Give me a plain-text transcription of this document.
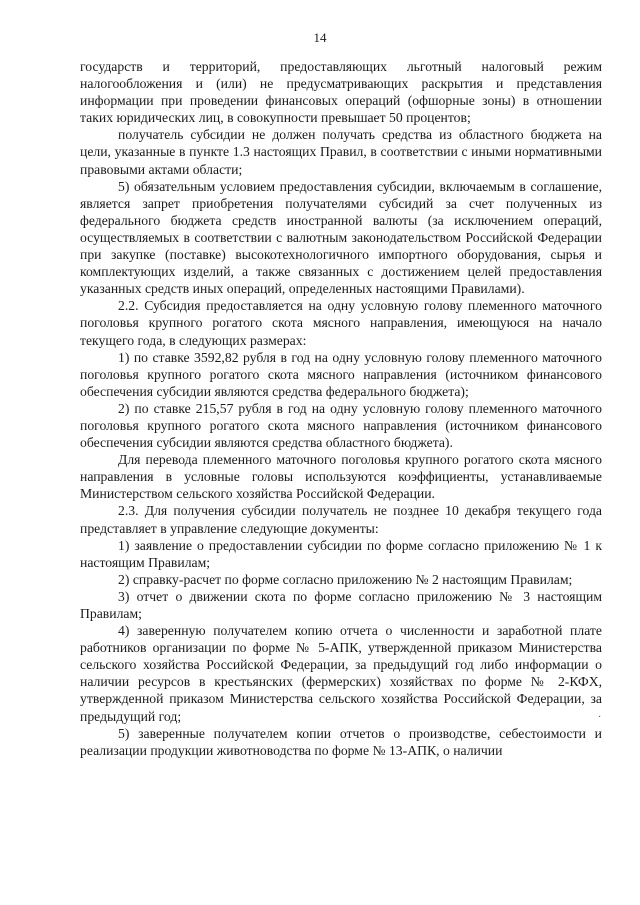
14

государств и территорий, предоставляющих льготный налоговый режим налогообложения и (или) не предусматривающих раскрытия и представления информации при проведении финансовых операций (офшорные зоны) в отношении таких юридических лиц, в совокупности превышает 50 процентов;

получатель субсидии не должен получать средства из областного бюджета на цели, указанные в пункте 1.3 настоящих Правил, в соответствии с иными нормативными правовыми актами области;

5) обязательным условием предоставления субсидии, включаемым в соглашение, является запрет приобретения получателями субсидий за счет полученных из федерального бюджета средств иностранной валюты (за исключением операций, осуществляемых в соответствии с валютным законодательством Российской Федерации при закупке (поставке) высокотехнологичного импортного оборудования, сырья и комплектующих изделий, а также связанных с достижением целей предоставления указанных средств иных операций, определенных настоящими Правилами).

2.2. Субсидия предоставляется на одну условную голову племенного маточного поголовья крупного рогатого скота мясного направления, имеющуюся на начало текущего года, в следующих размерах:

1) по ставке 3592,82 рубля в год на одну условную голову племенного маточного поголовья крупного рогатого скота мясного направления (источником финансового обеспечения субсидии являются средства федерального бюджета);

2) по ставке 215,57 рубля в год на одну условную голову племенного маточного поголовья крупного рогатого скота мясного направления (источником финансового обеспечения субсидии являются средства областного бюджета).

Для перевода племенного маточного поголовья крупного рогатого скота мясного направления в условные головы используются коэффициенты, устанавливаемые Министерством сельского хозяйства Российской Федерации.

2.3. Для получения субсидии получатель не позднее 10 декабря текущего года представляет в управление следующие документы:

1) заявление о предоставлении субсидии по форме согласно приложению № 1 к настоящим Правилам;

2) справку-расчет по форме согласно приложению № 2 настоящим Правилам;

3) отчет о движении скота по форме согласно приложению № 3 настоящим Правилам;

4) заверенную получателем копию отчета о численности и заработной плате работников организации по форме № 5-АПК, утвержденной приказом Министерства сельского хозяйства Российской Федерации, за предыдущий год либо информации о наличии ресурсов в крестьянских (фермерских) хозяйствах по форме № 2-КФХ, утвержденной приказом Министерства сельского хозяйства Российской Федерации, за предыдущий год;

5) заверенные получателем копии отчетов о производстве, себестоимости и реализации продукции животноводства по форме № 13-АПК, о наличии

·
